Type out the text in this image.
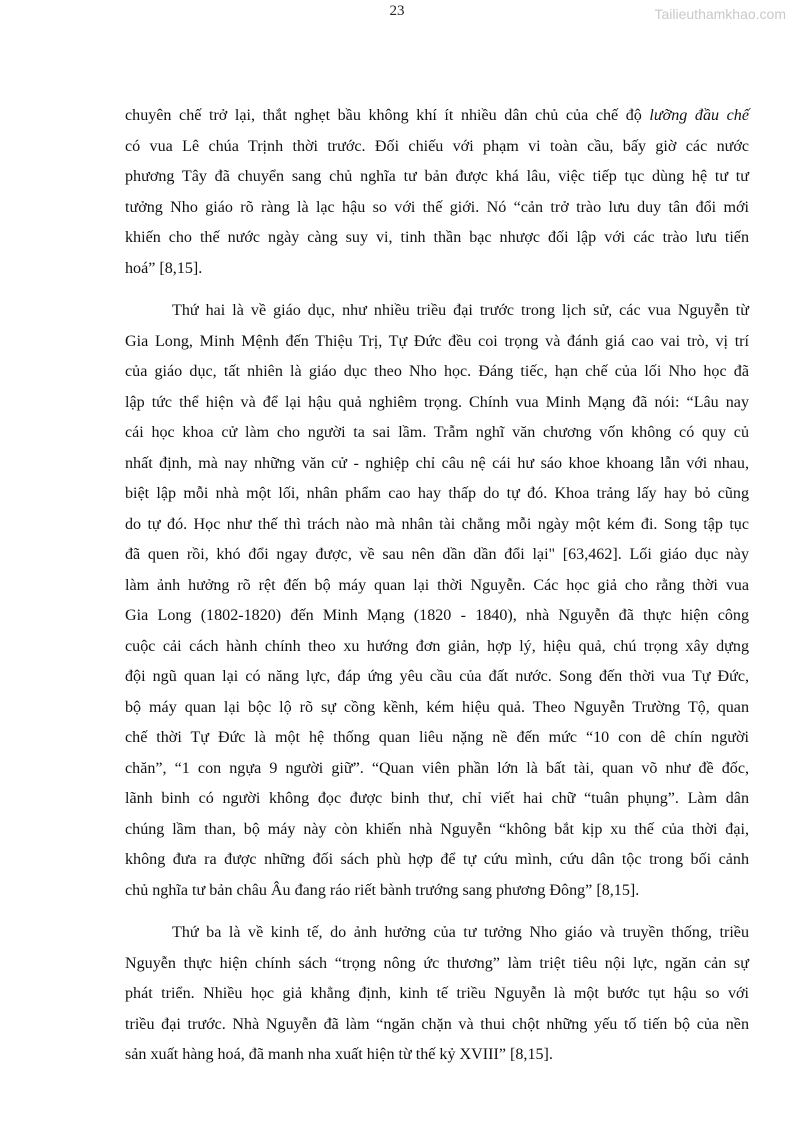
23	Tailieuthamkhao.com

chuyên chế trở lại, thắt nghẹt bầu không khí ít nhiều dân chủ của chế độ lưỡng đầu chế
có vua Lê chúa Trịnh thời trước. Đối chiếu với phạm vi toàn cầu, bấy giờ các nước
phương Tây đã chuyển sang chủ nghĩa tư bản được khá lâu, việc tiếp tục dùng hệ tư tư
tưởng Nho giáo rõ ràng là lạc hậu so với thế giới. Nó “cản trở trào lưu duy tân đổi mới
khiến cho thế nước ngày càng suy vi, tinh thần bạc nhược đối lập với các trào lưu tiến
hoá” [8,15].

Thứ hai là về giáo dục, như nhiều triều đại trước trong lịch sử, các vua Nguyễn từ
Gia Long, Minh Mệnh đến Thiệu Trị, Tự Đức đều coi trọng và đánh giá cao vai trò, vị trí
của giáo dục, tất nhiên là giáo dục theo Nho học. Đáng tiếc, hạn chế của lối Nho học đã
lập tức thể hiện và để lại hậu quả nghiêm trọng. Chính vua Minh Mạng đã nói: “Lâu nay
cái học khoa cử làm cho người ta sai lầm. Trẫm nghĩ văn chương vốn không có quy củ
nhất định, mà nay những văn cử - nghiệp chỉ câu nệ cái hư sáo khoe khoang lẫn với nhau,
biệt lập mỗi nhà một lối, nhân phẩm cao hay thấp do tự đó. Khoa trảng lấy hay bỏ cũng
do tự đó. Học như thế thì trách nào mà nhân tài chẳng mỗi ngày một kém đi. Song tập tục
đã quen rồi, khó đổi ngay được, về sau nên dần dần đổi lại" [63,462]. Lối giáo dục này
làm ảnh hưởng rõ rệt đến bộ máy quan lại thời Nguyễn. Các học giả cho rằng thời vua
Gia Long (1802-1820) đến Minh Mạng (1820 - 1840), nhà Nguyễn đã thực hiện công
cuộc cải cách hành chính theo xu hướng đơn giản, hợp lý, hiệu quả, chú trọng xây dựng
đội ngũ quan lại có năng lực, đáp ứng yêu cầu của đất nước. Song đến thời vua Tự Đức,
bộ máy quan lại bộc lộ rõ sự cồng kềnh, kém hiệu quả. Theo Nguyễn Trường Tộ, quan
chế thời Tự Đức là một hệ thống quan liêu nặng nề đến mức “10 con dê chín người
chăn”, “1 con ngựa 9 người giữ”. “Quan viên phần lớn là bất tài, quan võ như đề đốc,
lãnh binh có người không đọc được binh thư, chỉ viết hai chữ “tuân phụng”. Làm dân
chúng lầm than, bộ máy này còn khiến nhà Nguyễn “không bắt kịp xu thế của thời đại,
không đưa ra được những đối sách phù hợp để tự cứu mình, cứu dân tộc trong bối cảnh
chủ nghĩa tư bản châu Âu đang ráo riết bành trướng sang phương Đông” [8,15].

Thứ ba là về kinh tế, do ảnh hưởng của tư tưởng Nho giáo và truyền thống, triều
Nguyễn thực hiện chính sách “trọng nông ức thương” làm triệt tiêu nội lực, ngăn cản sự
phát triển. Nhiều học giả khẳng định, kinh tế triều Nguyễn là một bước tụt hậu so với
triều đại trước. Nhà Nguyễn đã làm “ngăn chặn và thui chột những yếu tố tiến bộ của nền
sản xuất hàng hoá, đã manh nha xuất hiện từ thế kỷ XVIII” [8,15].
